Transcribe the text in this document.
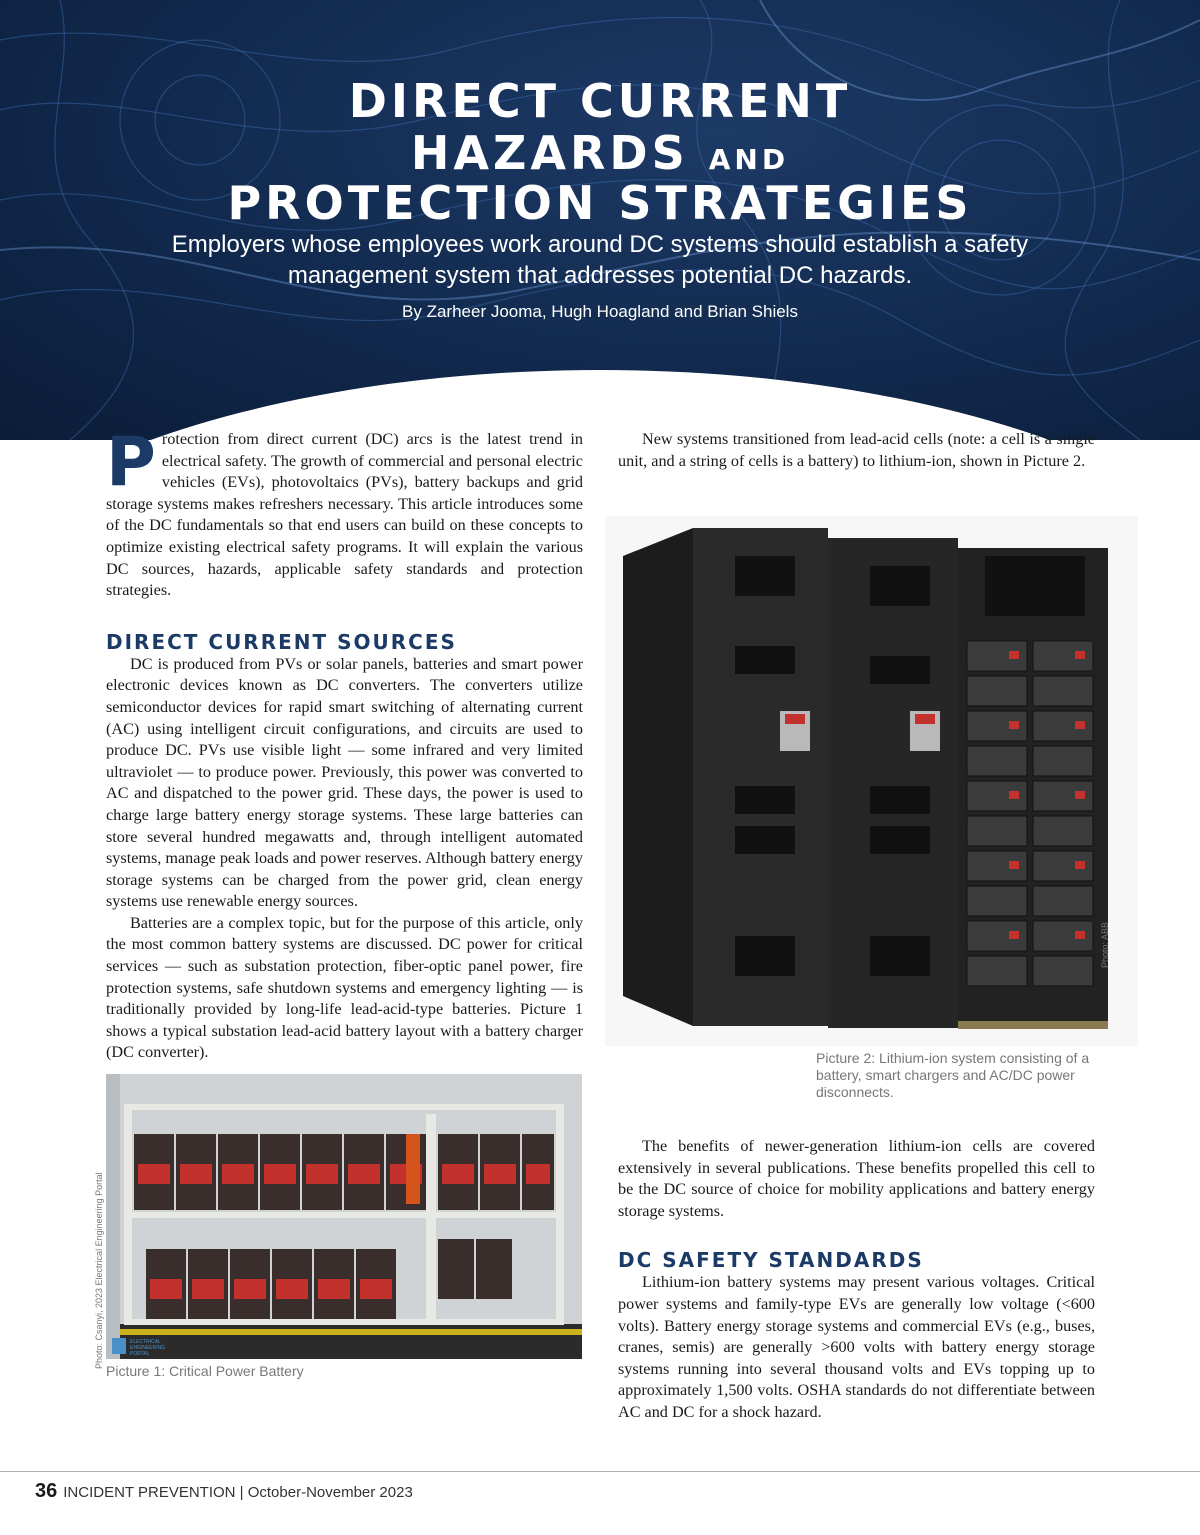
DIRECT CURRENT
HAZARDS AND
PROTECTION STRATEGIES
Employers whose employees work around DC systems should establish a safety management system that addresses potential DC hazards.
By Zarheer Jooma, Hugh Hoagland and Brian Shiels

Protection from direct current (DC) arcs is the latest trend in electrical safety. The growth of commercial and personal electric vehicles (EVs), photovoltaics (PVs), battery backups and grid storage systems makes refreshers necessary. This article introduces some of the DC fundamentals so that end users can build on these concepts to optimize existing electrical safety programs. It will explain the various DC sources, hazards, applicable safety standards and protection strategies.

DIRECT CURRENT SOURCES

DC is produced from PVs or solar panels, batteries and smart power electronic devices known as DC converters. The converters utilize semiconductor devices for rapid smart switching of alternating current (AC) using intelligent circuit configurations, and circuits are used to produce DC. PVs use visible light — some infrared and very limited ultraviolet — to produce power. Previously, this power was converted to AC and dispatched to the power grid. These days, the power is used to charge large battery energy storage systems. These large batteries can store several hundred megawatts and, through intelligent automated systems, manage peak loads and power reserves. Although battery energy storage systems can be charged from the power grid, clean energy systems use renewable energy sources.

Batteries are a complex topic, but for the purpose of this article, only the most common battery systems are discussed. DC power for critical services — such as substation protection, fiber-optic panel power, fire protection systems, safe shutdown systems and emergency lighting — is traditionally provided by long-life lead-acid-type batteries. Picture 1 shows a typical substation lead-acid battery layout with a battery charger (DC converter).

Photo: Csanyi, 2023 Electrical Engineering Portal	ELECTRICAL ENGINEERING PORTAL
Picture 1: Critical Power Battery

New systems transitioned from lead-acid cells (note: a cell is a single unit, and a string of cells is a battery) to lithium-ion, shown in Picture 2.

Photo: ABB
Picture 2: Lithium-ion system consisting of a battery, smart chargers and AC/DC power disconnects.

The benefits of newer-generation lithium-ion cells are covered extensively in several publications. These benefits propelled this cell to be the DC source of choice for mobility applications and battery energy storage systems.

DC SAFETY STANDARDS

Lithium-ion battery systems may present various voltages. Critical power systems and family-type EVs are generally low voltage (<600 volts). Battery energy storage systems and commercial EVs (e.g., buses, cranes, semis) are generally >600 volts with battery energy storage systems running into several thousand volts and EVs topping up to approximately 1,500 volts. OSHA standards do not differentiate between AC and DC for a shock hazard.

36 INCIDENT PREVENTION | October-November 2023
